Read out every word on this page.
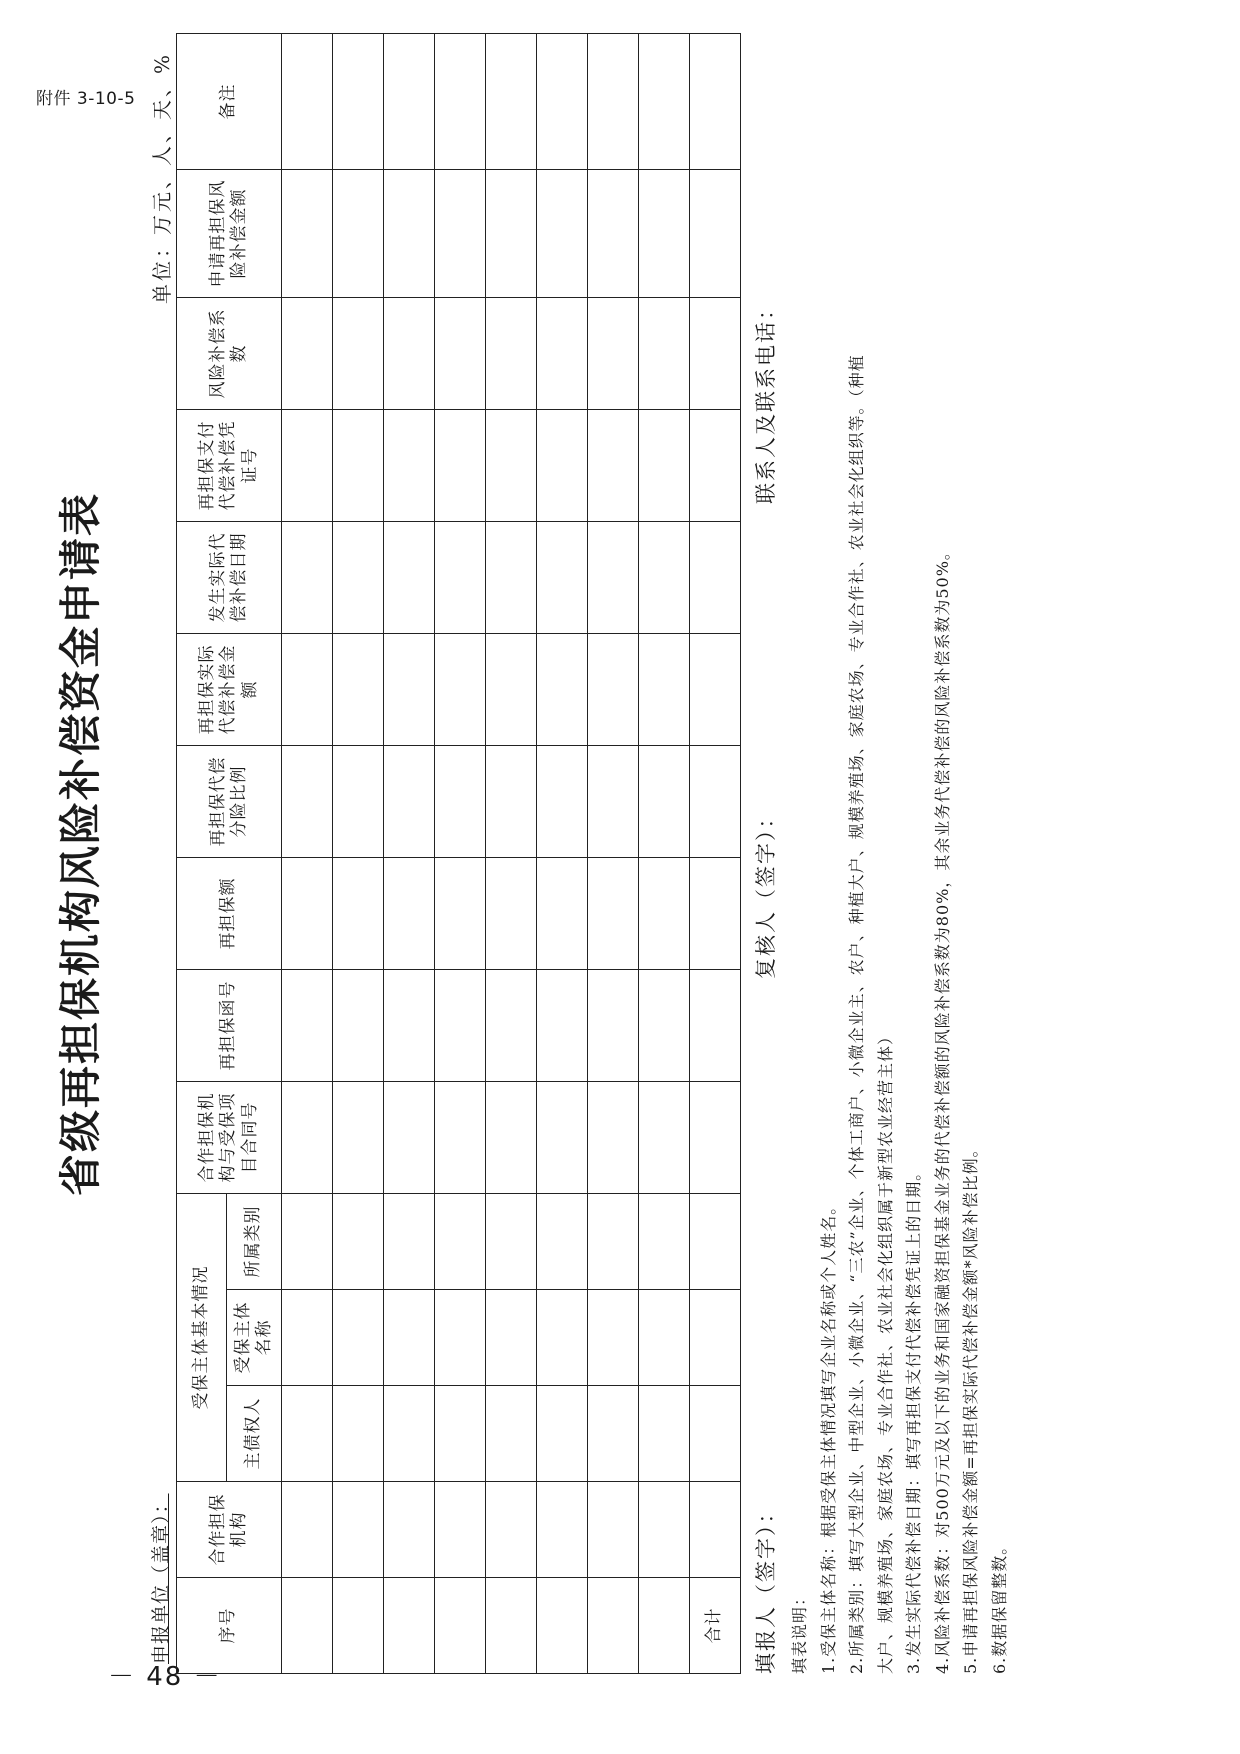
附件 3-10-5
－ 48 －
省级再担保机构风险补偿资金申请表
申报单位（盖章）：
单位：万元、人、天、%
序号	合作担保机构	受保主体基本情况			合作担保机构与受保项目合同号	再担保函号	再担保额	再担保代偿分险比例	再担保实际代偿补偿金额	发生实际代偿补偿日期	再担保支付代偿补偿凭证号	风险补偿系数	申请再担保风险补偿金额	备注
		主债权人	受保主体名称	所属类别										

合计														填报人（签字）：
复核人（签字）：
联系人及联系电话：
填表说明： 1.受保主体名称：根据受保主体情况填写企业名称或个人姓名。 2.所属类别：填写大型企业、中型企业、小微企业、“三农”企业、个体工商户、小微企业主、农户、种植大户、规模养殖场、家庭农场、专业合作社、农业社会化组织等。（种植 大户、规模养殖场、家庭农场、专业合作社、农业社会化组织属于新型农业经营主体） 3.发生实际代偿补偿日期：填写再担保支付代偿补偿凭证上的日期。 4.风险补偿系数：对500万元及以下的业务和国家融资担保基金业务的代偿补偿额的风险补偿系数为80%，其余业务代偿补偿的风险补偿系数为50%。 5.申请再担保风险补偿金额=再担保实际代偿补偿金额*风险补偿比例。 6.数据保留整数。
